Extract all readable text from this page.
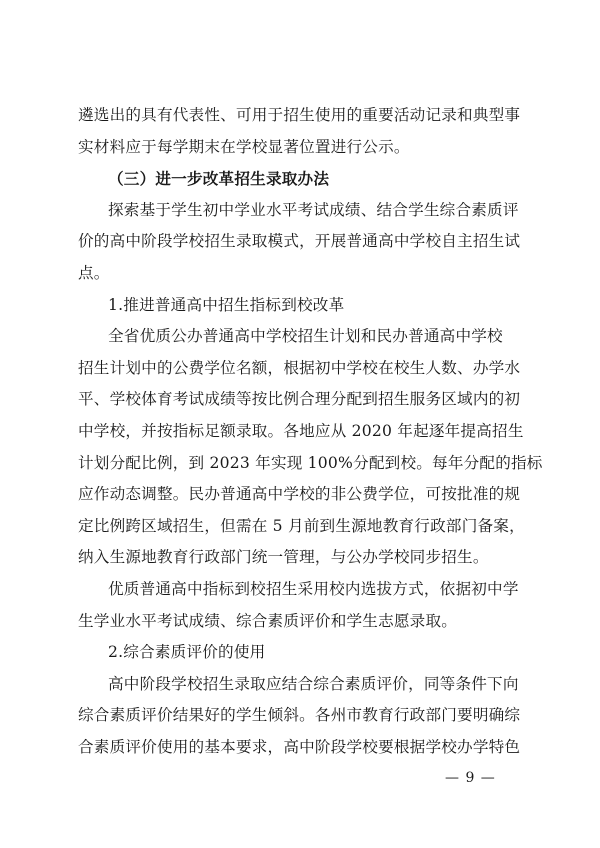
遴选出的具有代表性、可用于招生使用的重要活动记录和典型事
实材料应于每学期末在学校显著位置进行公示。
（三）进一步改革招生录取办法
探索基于学生初中学业水平考试成绩、结合学生综合素质评
价的高中阶段学校招生录取模式，开展普通高中学校自主招生试
点。
1.推进普通高中招生指标到校改革
全省优质公办普通高中学校招生计划和民办普通高中学校
招生计划中的公费学位名额，根据初中学校在校生人数、办学水
平、学校体育考试成绩等按比例合理分配到招生服务区域内的初
中学校，并按指标足额录取。各地应从 2020 年起逐年提高招生
计划分配比例，到 2023 年实现 100%分配到校。每年分配的指标
应作动态调整。民办普通高中学校的非公费学位，可按批准的规
定比例跨区域招生，但需在 5 月前到生源地教育行政部门备案，
纳入生源地教育行政部门统一管理，与公办学校同步招生。
优质普通高中指标到校招生采用校内选拔方式，依据初中学
生学业水平考试成绩、综合素质评价和学生志愿录取。
2.综合素质评价的使用
高中阶段学校招生录取应结合综合素质评价，同等条件下向
综合素质评价结果好的学生倾斜。各州市教育行政部门要明确综
合素质评价使用的基本要求，高中阶段学校要根据学校办学特色
— 9 —
